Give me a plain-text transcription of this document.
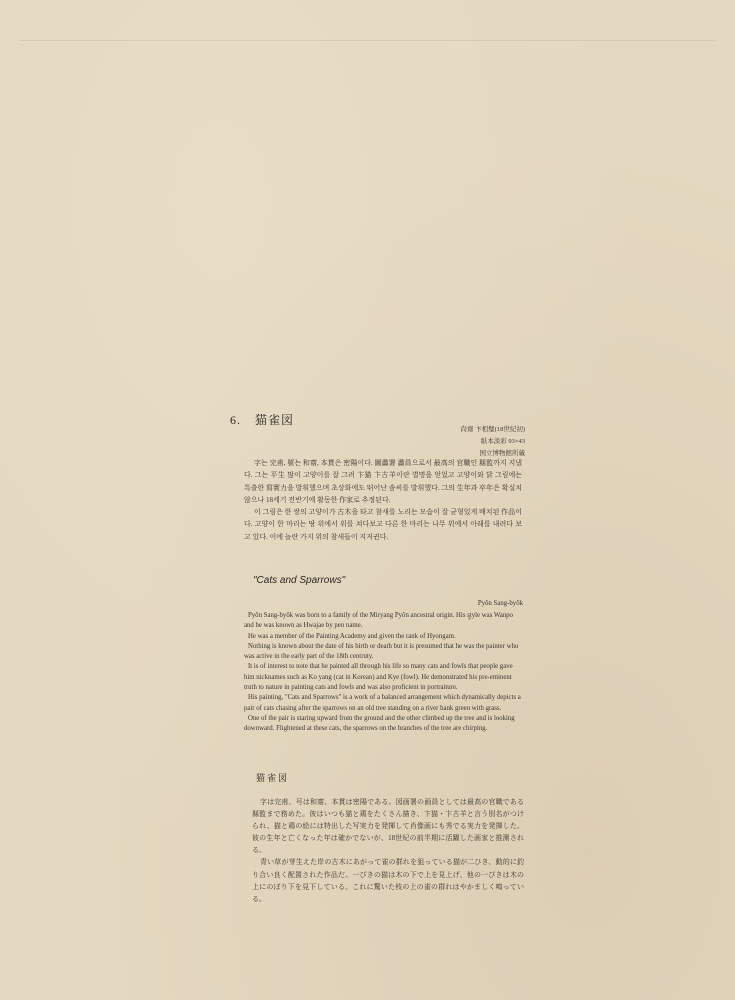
6. 猫雀図
尙齋 卞相璧(18世紀初)
紙本淡彩 93×43
国立博物館所蔵

字는 完甫, 號는 和齋, 本貫은 密陽이다. 圖畵署 畵員으로서 最高의 官職인 縣監까지 지냈다. 그는 平生 많이 고양이를 잘 그려 卞猫 卞古羊이란 별명을 얻었고 고양이와 닭 그림에는 특출한 寫實力을 발휘했으며 초상화에도 뛰어난 솜씨를 발휘했다. 그의 生年과 卒年은 확실치 않으나 18세기 전반기에 활동한 作家로 추정된다.

이 그림은 한 쌍의 고양이가 古木을 타고 참새를 노리는 모습이 잘 균형있게 배치된 作品이다. 고양이 한 마리는 땅 위에서 위를 쳐다보고 다른 한 마리는 나무 위에서 아래를 내려다 보고 있다. 이에 놀란 가지 위의 참새들이 지저귄다.

"Cats and Sparrows"
Pyŏn Sang-byŏk

Pyŏn Sang-byŏk was born to a family of the Miryang Pyŏn ancestral origin. His style was Wanpo and he was known as Hwajae by pen name.

He was a member of the Painting Academy and given the rank of Hyongam.

Nothing is known about the date of his birth or death but it is presumed that he was the painter who was active in the early part of the 18th centruty.

It is of interest to note that he painted all through his life so many cats and fowls that people gave him nicknames such as Ko yang (cat in Korean) and Kye (fowl). He demonstrated his pre-eminent truth to nature in painting cats and fowls and was also proficient in portraiture.

His painting, "Cats and Sparrows" is a work of a balanced arrangement which dynamically depicts a pair of cats chasing after the sparrows on an old tree standing on a river bank green with grass.

One of the pair is staring upward from the ground and the other climbed up the tree and is looking downward. Flightened at these cats, the sparrows on the branches of the tree are chirping.

猫雀図

字は完甫、号は和齋、本貫は密陽である。図画署の画員としては最高の官職である縣監まで務めた。彼はいつも猫と鶏をたくさん描き、卞猫・卞古羊と言う別名がつけられ、猫と鶏の絵には特出した写実力を発揮して肖像画にも秀でる実力を発揮した。彼の生年と亡くなった年は確かでないが、18世紀の前半期に活躍した画家と推測される。

青い草が芽生えた岸の古木にあがって雀の群れを狙っている猫が二ひき、動的に釣り合い良く配置された作品だ。一ぴきの猫は木の下で上を見上げ、他の一ぴきは木の上にのぼり下を見下している。これに驚いた枝の上の雀の群れはやかましく鳴っている。
